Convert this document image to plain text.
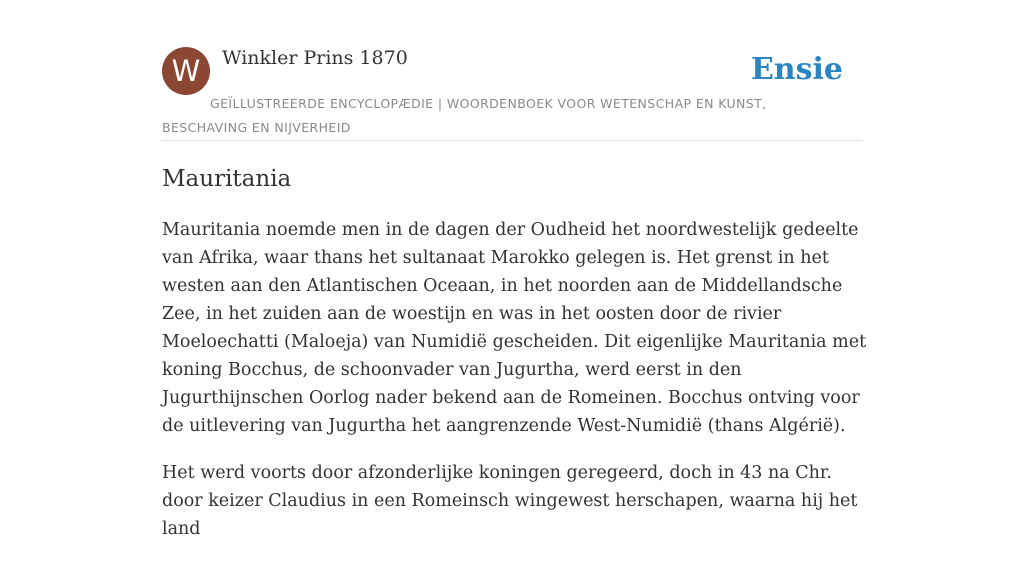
W	Winkler Prins 1870	Ensie
GEÏLLUSTREERDE ENCYCLOPÆDIE | WOORDENBOEK VOOR WETENSCHAP EN KUNST, BESCHAVING EN NIJVERHEID
Mauritania

Mauritania noemde men in de dagen der Oudheid het noordwestelijk gedeelte van Afrika, waar thans het sultanaat Marokko gelegen is. Het grenst in het westen aan den Atlantischen Oceaan, in het noorden aan de Middellandsche Zee, in het zuiden aan de woestijn en was in het oosten door de rivier Moeloechatti (Maloeja) van Numidië gescheiden. Dit eigenlijke Mauritania met koning Bocchus, de schoonvader van Jugurtha, werd eerst in den Jugurthijnschen Oorlog nader bekend aan de Romeinen. Bocchus ontving voor de uitlevering van Jugurtha het aangrenzende West-Numidië (thans Algérië).

Het werd voorts door afzonderlijke koningen geregeerd, doch in 43 na Chr. door keizer Claudius in een Romeinsch wingewest herschapen, waarna hij het land
